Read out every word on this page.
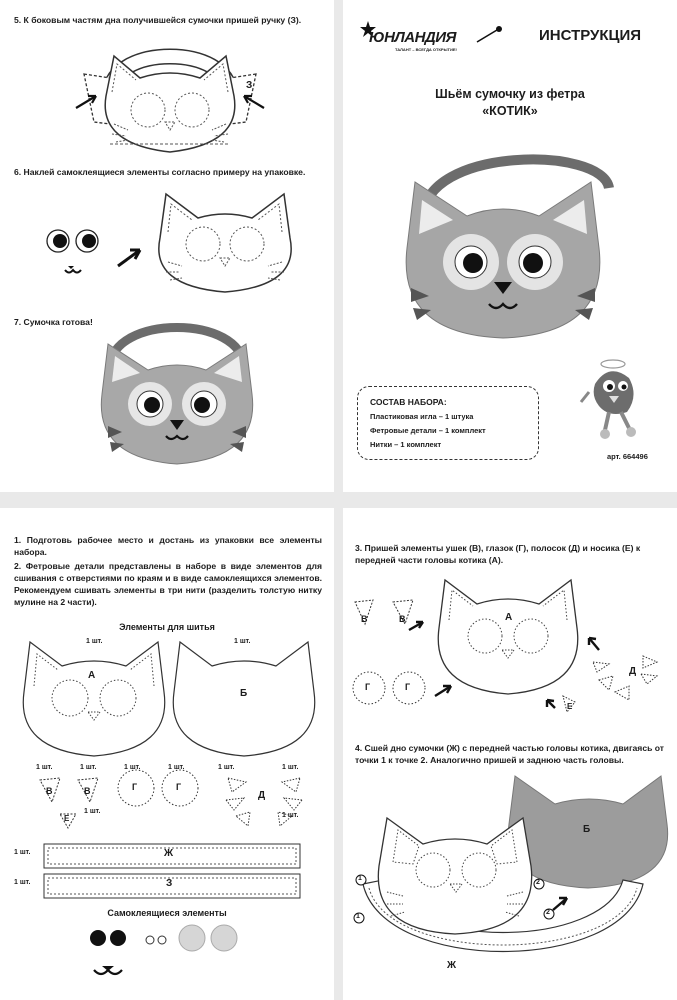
5. К боковым частям дна получившейся сумочки пришей ручку (З).
З
6. Наклей самоклеящиеся элементы согласно примеру на упаковке.
7. Сумочка готова!
ЮНЛАНДИЯ
ТАЛАНТ – ВСЕГДА ОТКРЫТИЕ!
ИНСТРУКЦИЯ
Шьём сумочку из фетра
«КОТИК»
СОСТАВ НАБОРА:
Пластиковая игла – 1 штука
Фетровые детали – 1 комплект
Нитки – 1 комплект
арт. 664496
1. Подготовь рабочее место и достань из упаковки все элементы набора.
2. Фетровые детали представлены в наборе в виде элементов для сшивания с отверстиями по краям и в виде самоклеящихся элементов. Рекомендуем сшивать элементы в три нити (разделить толстую нитку мулине на 2 части).
Элементы для шитья
1 шт.	1 шт.
А
Б
1 шт.	1 шт.
В	В
1 шт.
Е
1 шт.	1 шт.
Г	Г
1 шт.	1 шт.
Д
1 шт.
1 шт.	Ж
1 шт.	З
Самоклеящиеся элементы
3. Пришей элементы ушек (В), глазок (Г), полосок (Д) и носика (Е) к передней части головы котика (А).
В	В	А
Г	Г
Д
Е
4. Сшей дно сумочки (Ж) с передней частью головы котика, двигаясь от точки 1 к точке 2. Аналогично пришей и заднюю часть головы.
Б
1
2
1
2
Ж
